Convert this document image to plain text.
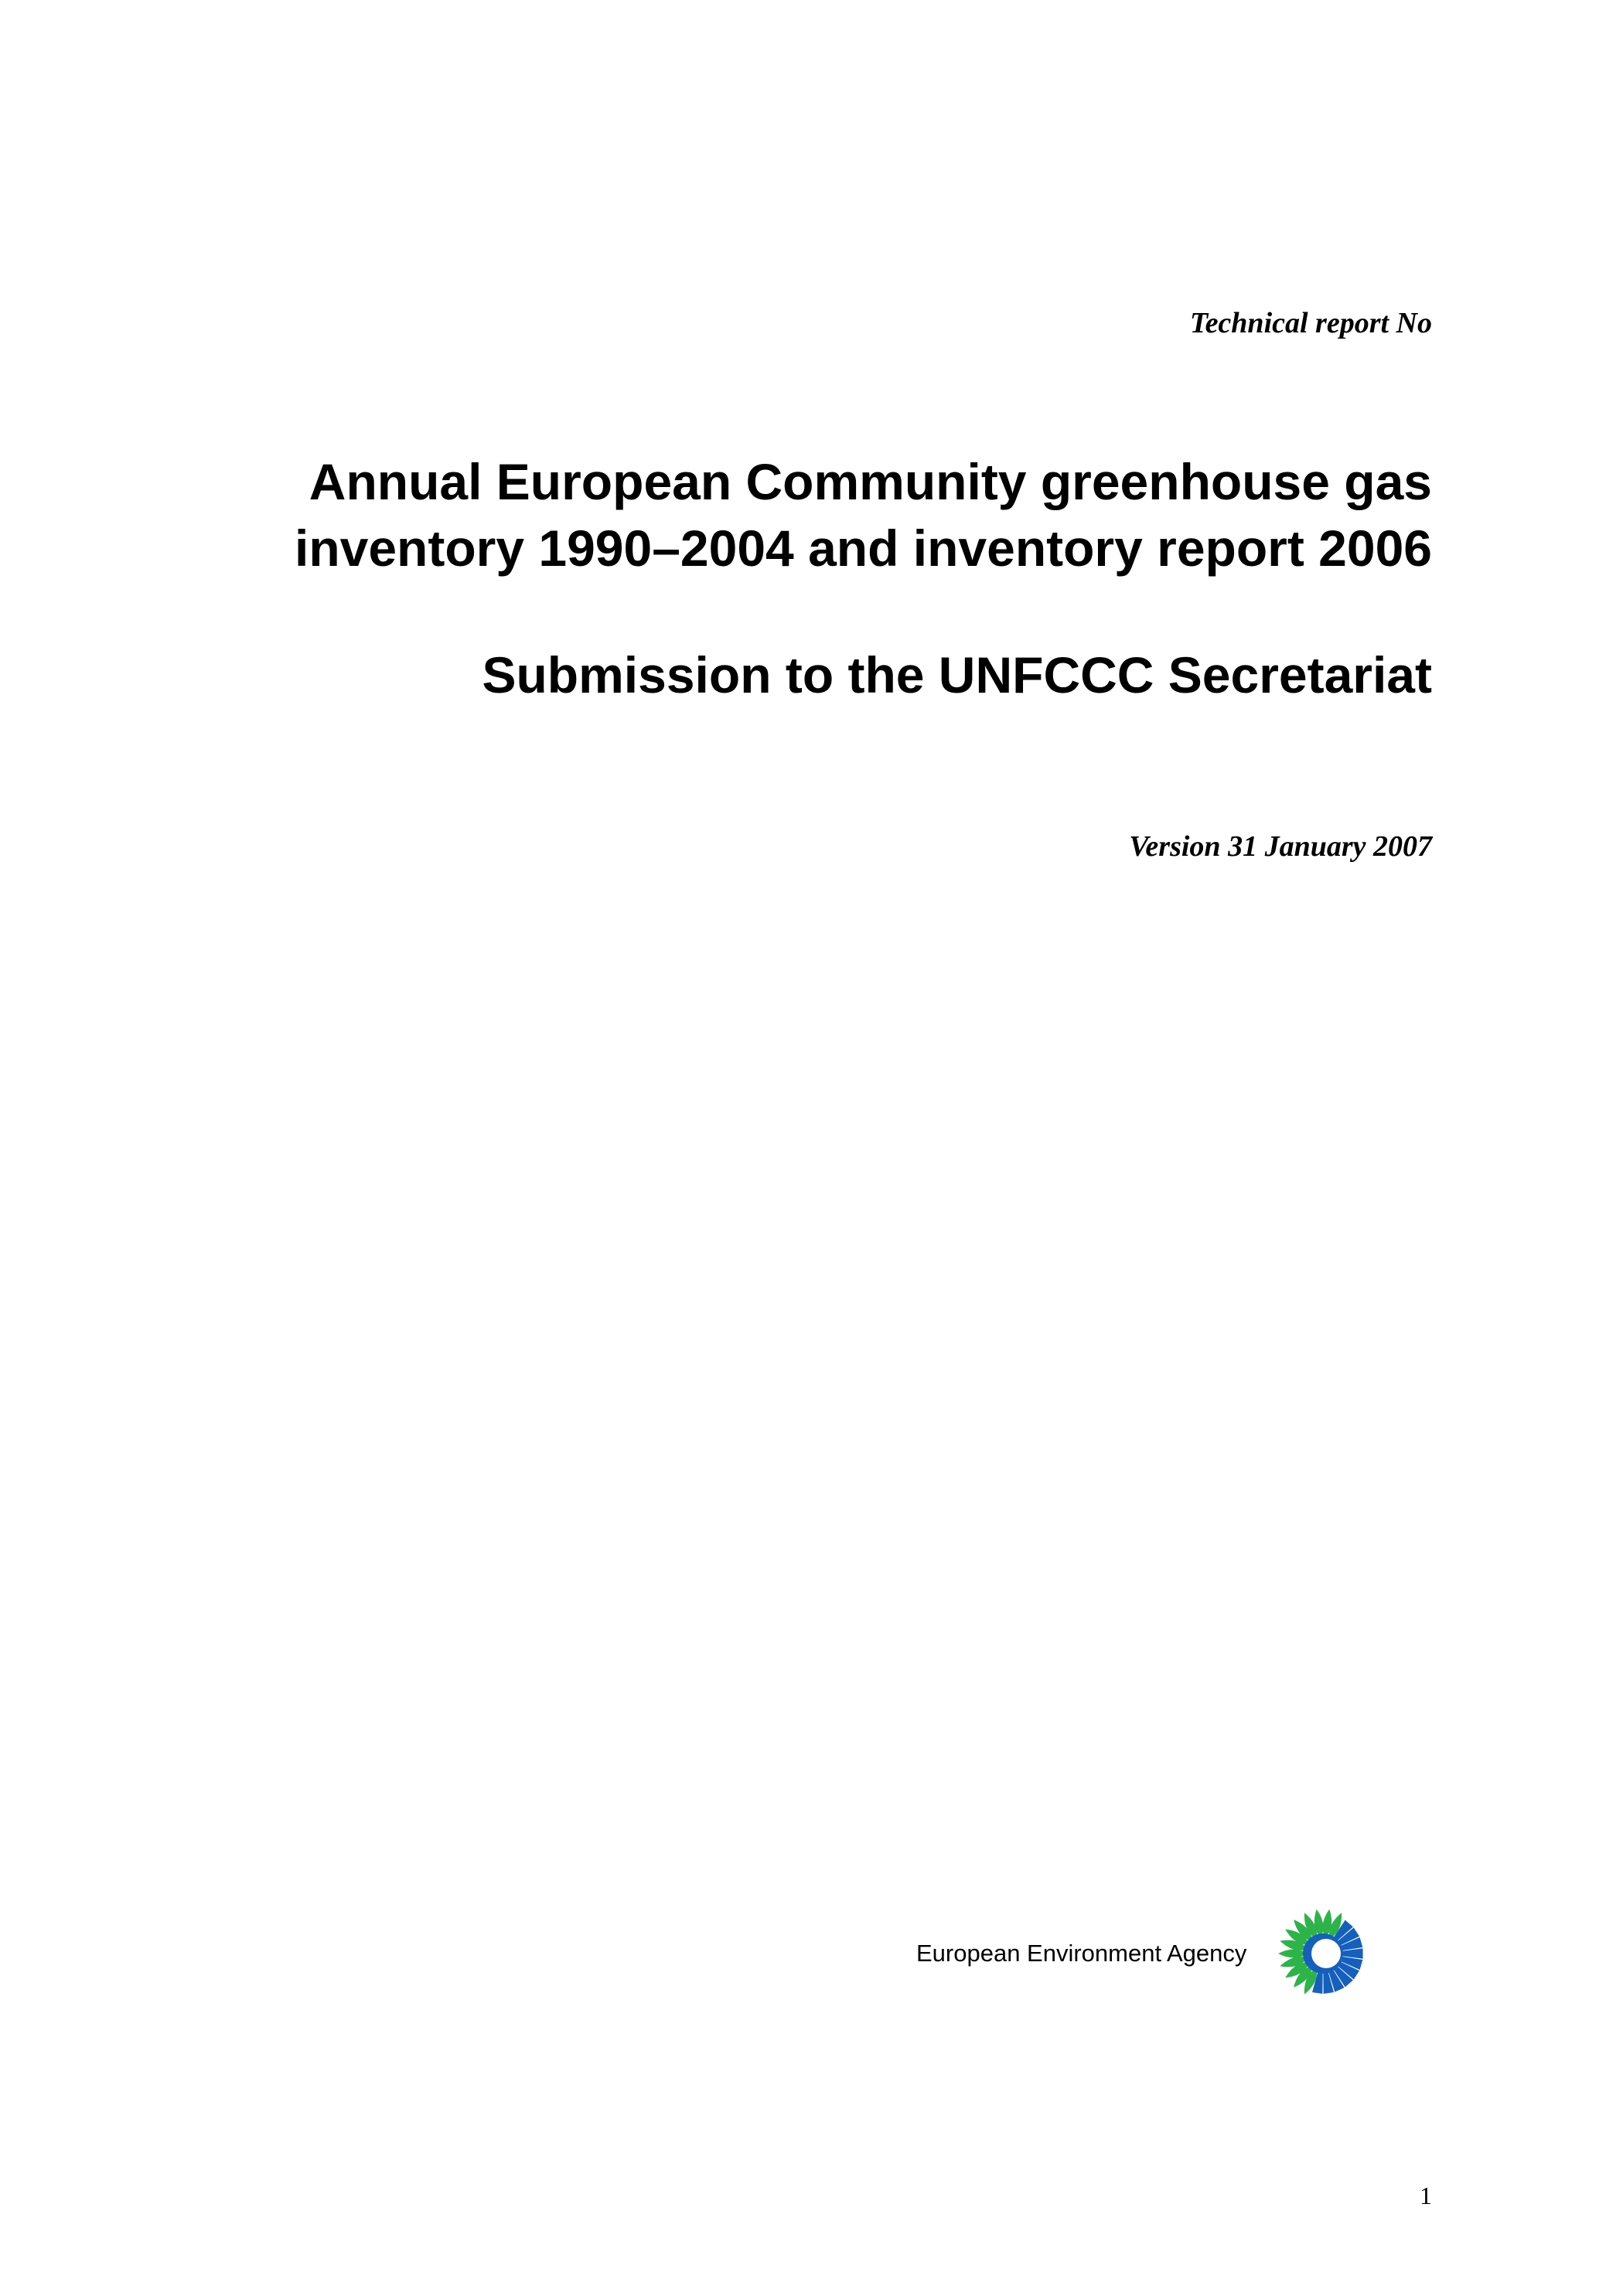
Technical report No
Annual European Community greenhouse gas
inventory 1990–2004 and inventory report 2006
Submission to the UNFCCC Secretariat
Version 31 January 2007
European Environment Agency
1
